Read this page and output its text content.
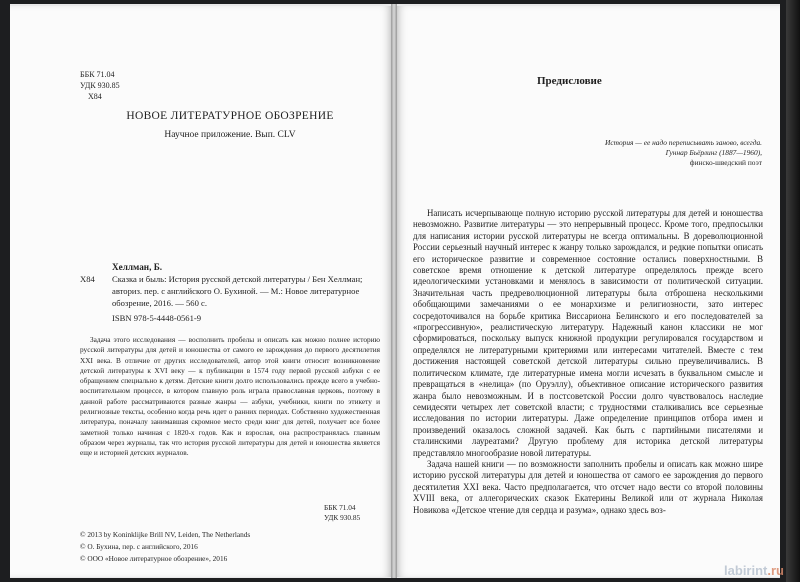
ББК 71.04
УДК 930.85
Х84
НОВОЕ ЛИТЕРАТУРНОЕ ОБОЗРЕНИЕ
Научное приложение. Вып. CLV
Хеллман, Б.
Х84 Сказка и быль: История русской детской литературы / Бен Хеллман; авториз. пер. с английского О. Бухиной. — М.: Новое литературное обозрение, 2016. — 560 с.
ISBN 978-5-4448-0561-9

Задача этого исследования — восполнить пробелы и описать как можно полнее историю русской литературы для детей и юношества от самого ее зарождения до первого десятилетия XXI века. В отличие от других исследователей, автор этой книги относит возникновение детской литературы к XVI веку — к публикации в 1574 году первой русской азбуки с ее обращением специально к детям. Детские книги долго использовались прежде всего в учебно-воспитательном процессе, в котором главную роль играла православная церковь, поэтому в данной работе рассматриваются разные жанры — азбуки, учебники, книги по этикету и религиозные тексты, особенно когда речь идет о ранних периодах. Собственно художественная литература, поначалу занимавшая скромное место среди книг для детей, получает все более заметной только начиная с 1820-х годов. Как и взрослая, она распространялась главным образом через журналы, так что история русской литературы для детей и юношества является еще и историей детских журналов.

ББК 71.04
УДК 930.85
© 2013 by Koninklijke Brill NV, Leiden, The Netherlands
© О. Бухина, пер. с английского, 2016
© ООО «Новое литературное обозрение», 2016
Предисловие
История — ее надо переписывать заново, всегда.
Гуннар Бьёрлинг (1887—1960),
финско-шведский поэт

Написать исчерпывающе полную историю русской литературы для детей и юношества невозможно. Развитие литературы — это непрерывный процесс. Кроме того, предпосылки для написания истории русской литературы не всегда оптимальны. В дореволюционной России серьезный научный интерес к жанру только зарождался, и редкие попытки описать его историческое развитие и современное состояние остались поверхностными. В советское время отношение к детской литературе определялось прежде всего идеологическими установками и менялось в зависимости от политической ситуации. Значительная часть предреволюционной литературы была отброшена несколькими обобщающими замечаниями о ее монархизме и религиозности, зато интерес сосредоточивался на борьбе критика Виссариона Белинского и его последователей за «прогрессивную», реалистическую литературу. Надежный канон классики не мог сформироваться, поскольку выпуск книжной продукции регулировался государством и определялся не литературными критериями или интересами читателей. Вместе с тем достижения настоящей советской детской литературы сильно преувеличивались. В политическом климате, где литературные имена могли исчезать в буквальном смысле и превращаться в «нелица» (по Оруэллу), объективное описание исторического развития жанра было невозможным. И в постсоветской России долго чувствовалось наследие семидесяти четырех лет советской власти; с трудностями сталкивались все серьезные исследования по истории литературы. Даже определение принципов отбора имен и произведений оказалось сложной задачей. Как быть с партийными писателями и сталинскими лауреатами? Другую проблему для историка детской литературы представляло многообразие новой литературы.

Задача нашей книги — по возможности заполнить пробелы и описать как можно шире историю русской литературы для детей и юношества от самого ее зарождения до первого десятилетия XXI века. Часто предполагается, что отсчет надо вести со второй половины XVIII века, от аллегорических сказок Екатерины Великой или от журнала Николая Новикова «Детское чтение для сердца и разума», однако здесь воз-

labirint.ru
